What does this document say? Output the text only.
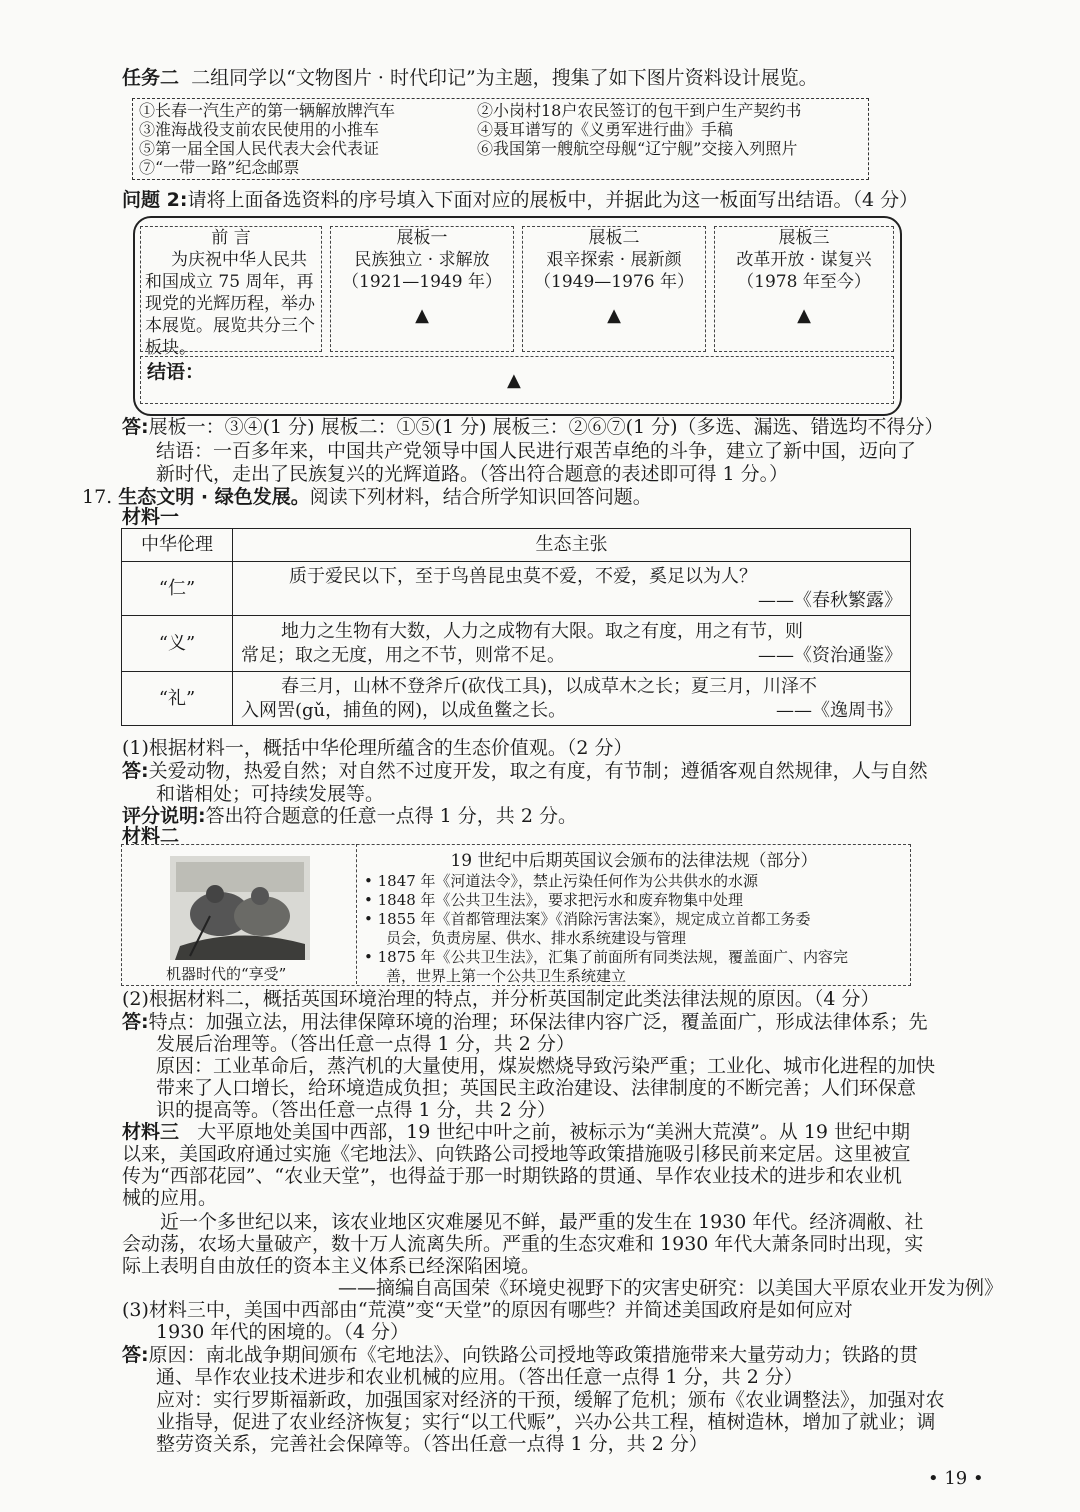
任务二 二组同学以“文物图片 · 时代印记”为主题，搜集了如下图片资料设计展览。
①长春一汽生产的第一辆解放牌汽车	②小岗村18户农民签订的包干到户生产契约书
③淮海战役支前农民使用的小推车	④聂耳谱写的《义勇军进行曲》手稿
⑤第一届全国人民代表大会代表证	⑥我国第一艘航空母舰“辽宁舰”交接入列照片
⑦“一带一路”纪念邮票
问题 2:请将上面备选资料的序号填入下面对应的展板中，并据此为这一板面写出结语。（4 分）
前 言
为庆祝中华人民共
和国成立 75 周年，再
现党的光辉历程，举办
本展览。展览共分三个
板块。
展板一
民族独立 · 求解放
（1921—1949 年）
▲
展板二
艰辛探索 · 展新颜
（1949—1976 年）
▲
展板三
改革开放 · 谋复兴
（1978 年至今）
▲
结语：	▲
答:展板一：③④(1 分) 展板二：①⑤(1 分) 展板三：②⑥⑦(1 分)（多选、漏选、错选均不得分）
结语：一百多年来，中国共产党领导中国人民进行艰苦卓绝的斗争，建立了新中国，迈向了
新时代，走出了民族复兴的光辉道路。（答出符合题意的表述即可得 1 分。）
17. 生态文明 · 绿色发展。阅读下列材料，结合所学知识回答问题。
材料一
中华伦理	生态主张
“仁”	质于爱民以下，至于鸟兽昆虫莫不爱，不爱，奚足以为人？
——《春秋繁露》

“义”	地力之生物有大数，人力之成物有大限。取之有度，用之有节，则
常足；取之无度，用之不节，则常不足。 ——《资治通鉴》

“礼”	春三月，山林不登斧斤(砍伐工具)，以成草木之长；夏三月，川泽不
入网罟(gǔ，捕鱼的网)，以成鱼鳖之长。 ——《逸周书》
(1)根据材料一，概括中华伦理所蕴含的生态价值观。（2 分）
答:关爱动物，热爱自然；对自然不过度开发，取之有度，有节制；遵循客观自然规律，人与自然
和谐相处；可持续发展等。
评分说明:答出符合题意的任意一点得 1 分，共 2 分。
材料二
机器时代的“享受”
19 世纪中后期英国议会颁布的法律法规（部分）
• 1847 年《河道法令》，禁止污染任何作为公共供水的水源
• 1848 年《公共卫生法》，要求把污水和废弃物集中处理
• 1855 年《首都管理法案》《消除污害法案》，规定成立首都工务委
员会，负责房屋、供水、排水系统建设与管理
• 1875 年《公共卫生法》，汇集了前面所有同类法规，覆盖面广、内容完
善，世界上第一个公共卫生系统建立
(2)根据材料二，概括英国环境治理的特点，并分析英国制定此类法律法规的原因。（4 分）
答:特点：加强立法，用法律保障环境的治理；环保法律内容广泛，覆盖面广，形成法律体系；先
发展后治理等。（答出任意一点得 1 分，共 2 分）
原因：工业革命后，蒸汽机的大量使用，煤炭燃烧导致污染严重；工业化、城市化进程的加快
带来了人口增长，给环境造成负担；英国民主政治建设、法律制度的不断完善；人们环保意
识的提高等。（答出任意一点得 1 分，共 2 分）
材料三 大平原地处美国中西部，19 世纪中叶之前，被标示为“美洲大荒漠”。从 19 世纪中期
以来，美国政府通过实施《宅地法》、向铁路公司授地等政策措施吸引移民前来定居。这里被宣
传为“西部花园”、“农业天堂”，也得益于那一时期铁路的贯通、旱作农业技术的进步和农业机
械的应用。
近一个多世纪以来，该农业地区灾难屡见不鲜，最严重的发生在 1930 年代。经济凋敝、社
会动荡，农场大量破产，数十万人流离失所。严重的生态灾难和 1930 年代大萧条同时出现，实
际上表明自由放任的资本主义体系已经深陷困境。
——摘编自高国荣《环境史视野下的灾害史研究：以美国大平原农业开发为例》
(3)材料三中，美国中西部由“荒漠”变“天堂”的原因有哪些？并简述美国政府是如何应对
1930 年代的困境的。（4 分）
答:原因：南北战争期间颁布《宅地法》、向铁路公司授地等政策措施带来大量劳动力；铁路的贯
通、旱作农业技术进步和农业机械的应用。（答出任意一点得 1 分，共 2 分）
应对：实行罗斯福新政，加强国家对经济的干预，缓解了危机；颁布《农业调整法》，加强对农
业指导，促进了农业经济恢复；实行“以工代赈”，兴办公共工程，植树造林，增加了就业；调
整劳资关系，完善社会保障等。（答出任意一点得 1 分，共 2 分）
• 19 •
